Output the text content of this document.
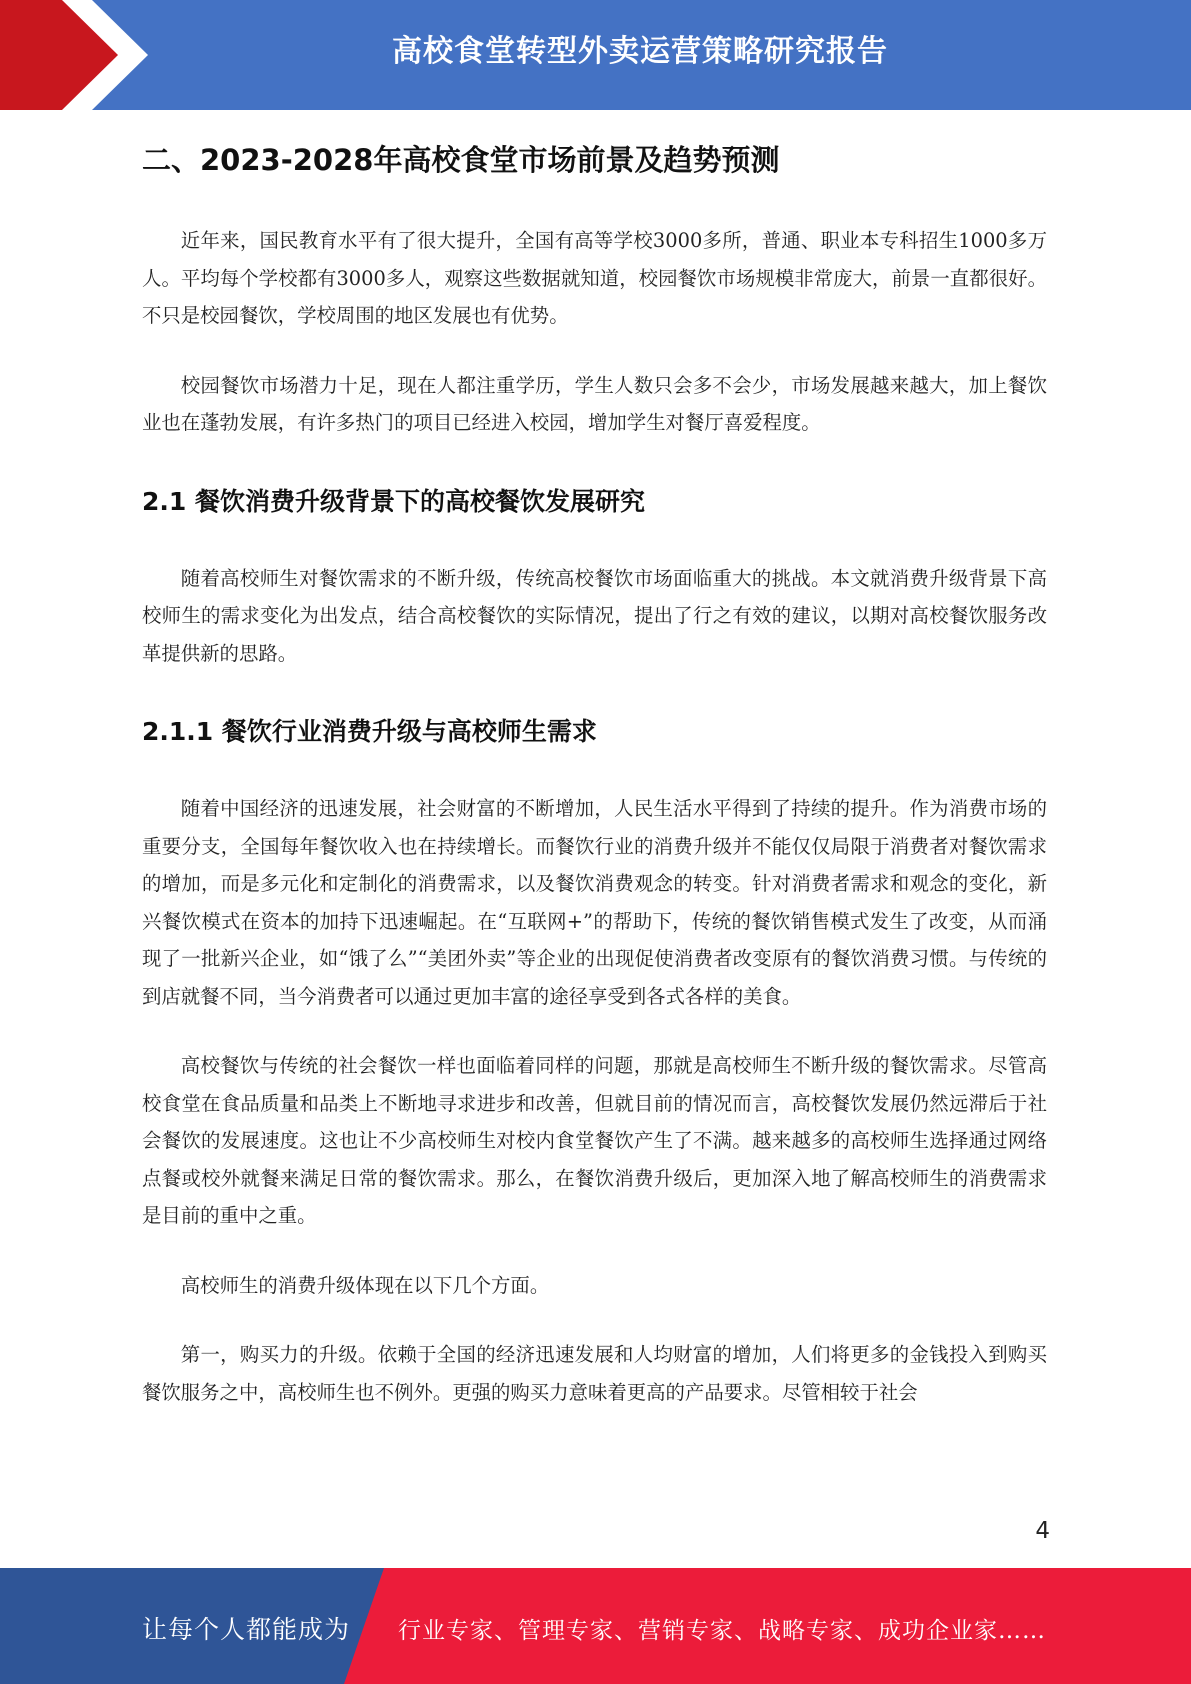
高校食堂转型外卖运营策略研究报告
二、2023-2028年高校食堂市场前景及趋势预测

近年来，国民教育水平有了很大提升，全国有高等学校3000多所，普通、职业本专科招生1000多万人。平均每个学校都有3000多人，观察这些数据就知道，校园餐饮市场规模非常庞大，前景一直都很好。不只是校园餐饮，学校周围的地区发展也有优势。

校园餐饮市场潜力十足，现在人都注重学历，学生人数只会多不会少，市场发展越来越大，加上餐饮业也在蓬勃发展，有许多热门的项目已经进入校园，增加学生对餐厅喜爱程度。

2.1 餐饮消费升级背景下的高校餐饮发展研究

随着高校师生对餐饮需求的不断升级，传统高校餐饮市场面临重大的挑战。本文就消费升级背景下高校师生的需求变化为出发点，结合高校餐饮的实际情况，提出了行之有效的建议，以期对高校餐饮服务改革提供新的思路。

2.1.1 餐饮行业消费升级与高校师生需求

随着中国经济的迅速发展，社会财富的不断增加，人民生活水平得到了持续的提升。作为消费市场的重要分支，全国每年餐饮收入也在持续增长。而餐饮行业的消费升级并不能仅仅局限于消费者对餐饮需求的增加，而是多元化和定制化的消费需求，以及餐饮消费观念的转变。针对消费者需求和观念的变化，新兴餐饮模式在资本的加持下迅速崛起。在“互联网+”的帮助下，传统的餐饮销售模式发生了改变，从而涌现了一批新兴企业，如“饿了么”“美团外卖”等企业的出现促使消费者改变原有的餐饮消费习惯。与传统的到店就餐不同，当今消费者可以通过更加丰富的途径享受到各式各样的美食。

高校餐饮与传统的社会餐饮一样也面临着同样的问题，那就是高校师生不断升级的餐饮需求。尽管高校食堂在食品质量和品类上不断地寻求进步和改善，但就目前的情况而言，高校餐饮发展仍然远滞后于社会餐饮的发展速度。这也让不少高校师生对校内食堂餐饮产生了不满。越来越多的高校师生选择通过网络点餐或校外就餐来满足日常的餐饮需求。那么，在餐饮消费升级后，更加深入地了解高校师生的消费需求是目前的重中之重。

高校师生的消费升级体现在以下几个方面。

第一，购买力的升级。依赖于全国的经济迅速发展和人均财富的增加，人们将更多的金钱投入到购买餐饮服务之中，高校师生也不例外。更强的购买力意味着更高的产品要求。尽管相较于社会

4
让每个人都能成为 行业专家、管理专家、营销专家、战略专家、成功企业家……
